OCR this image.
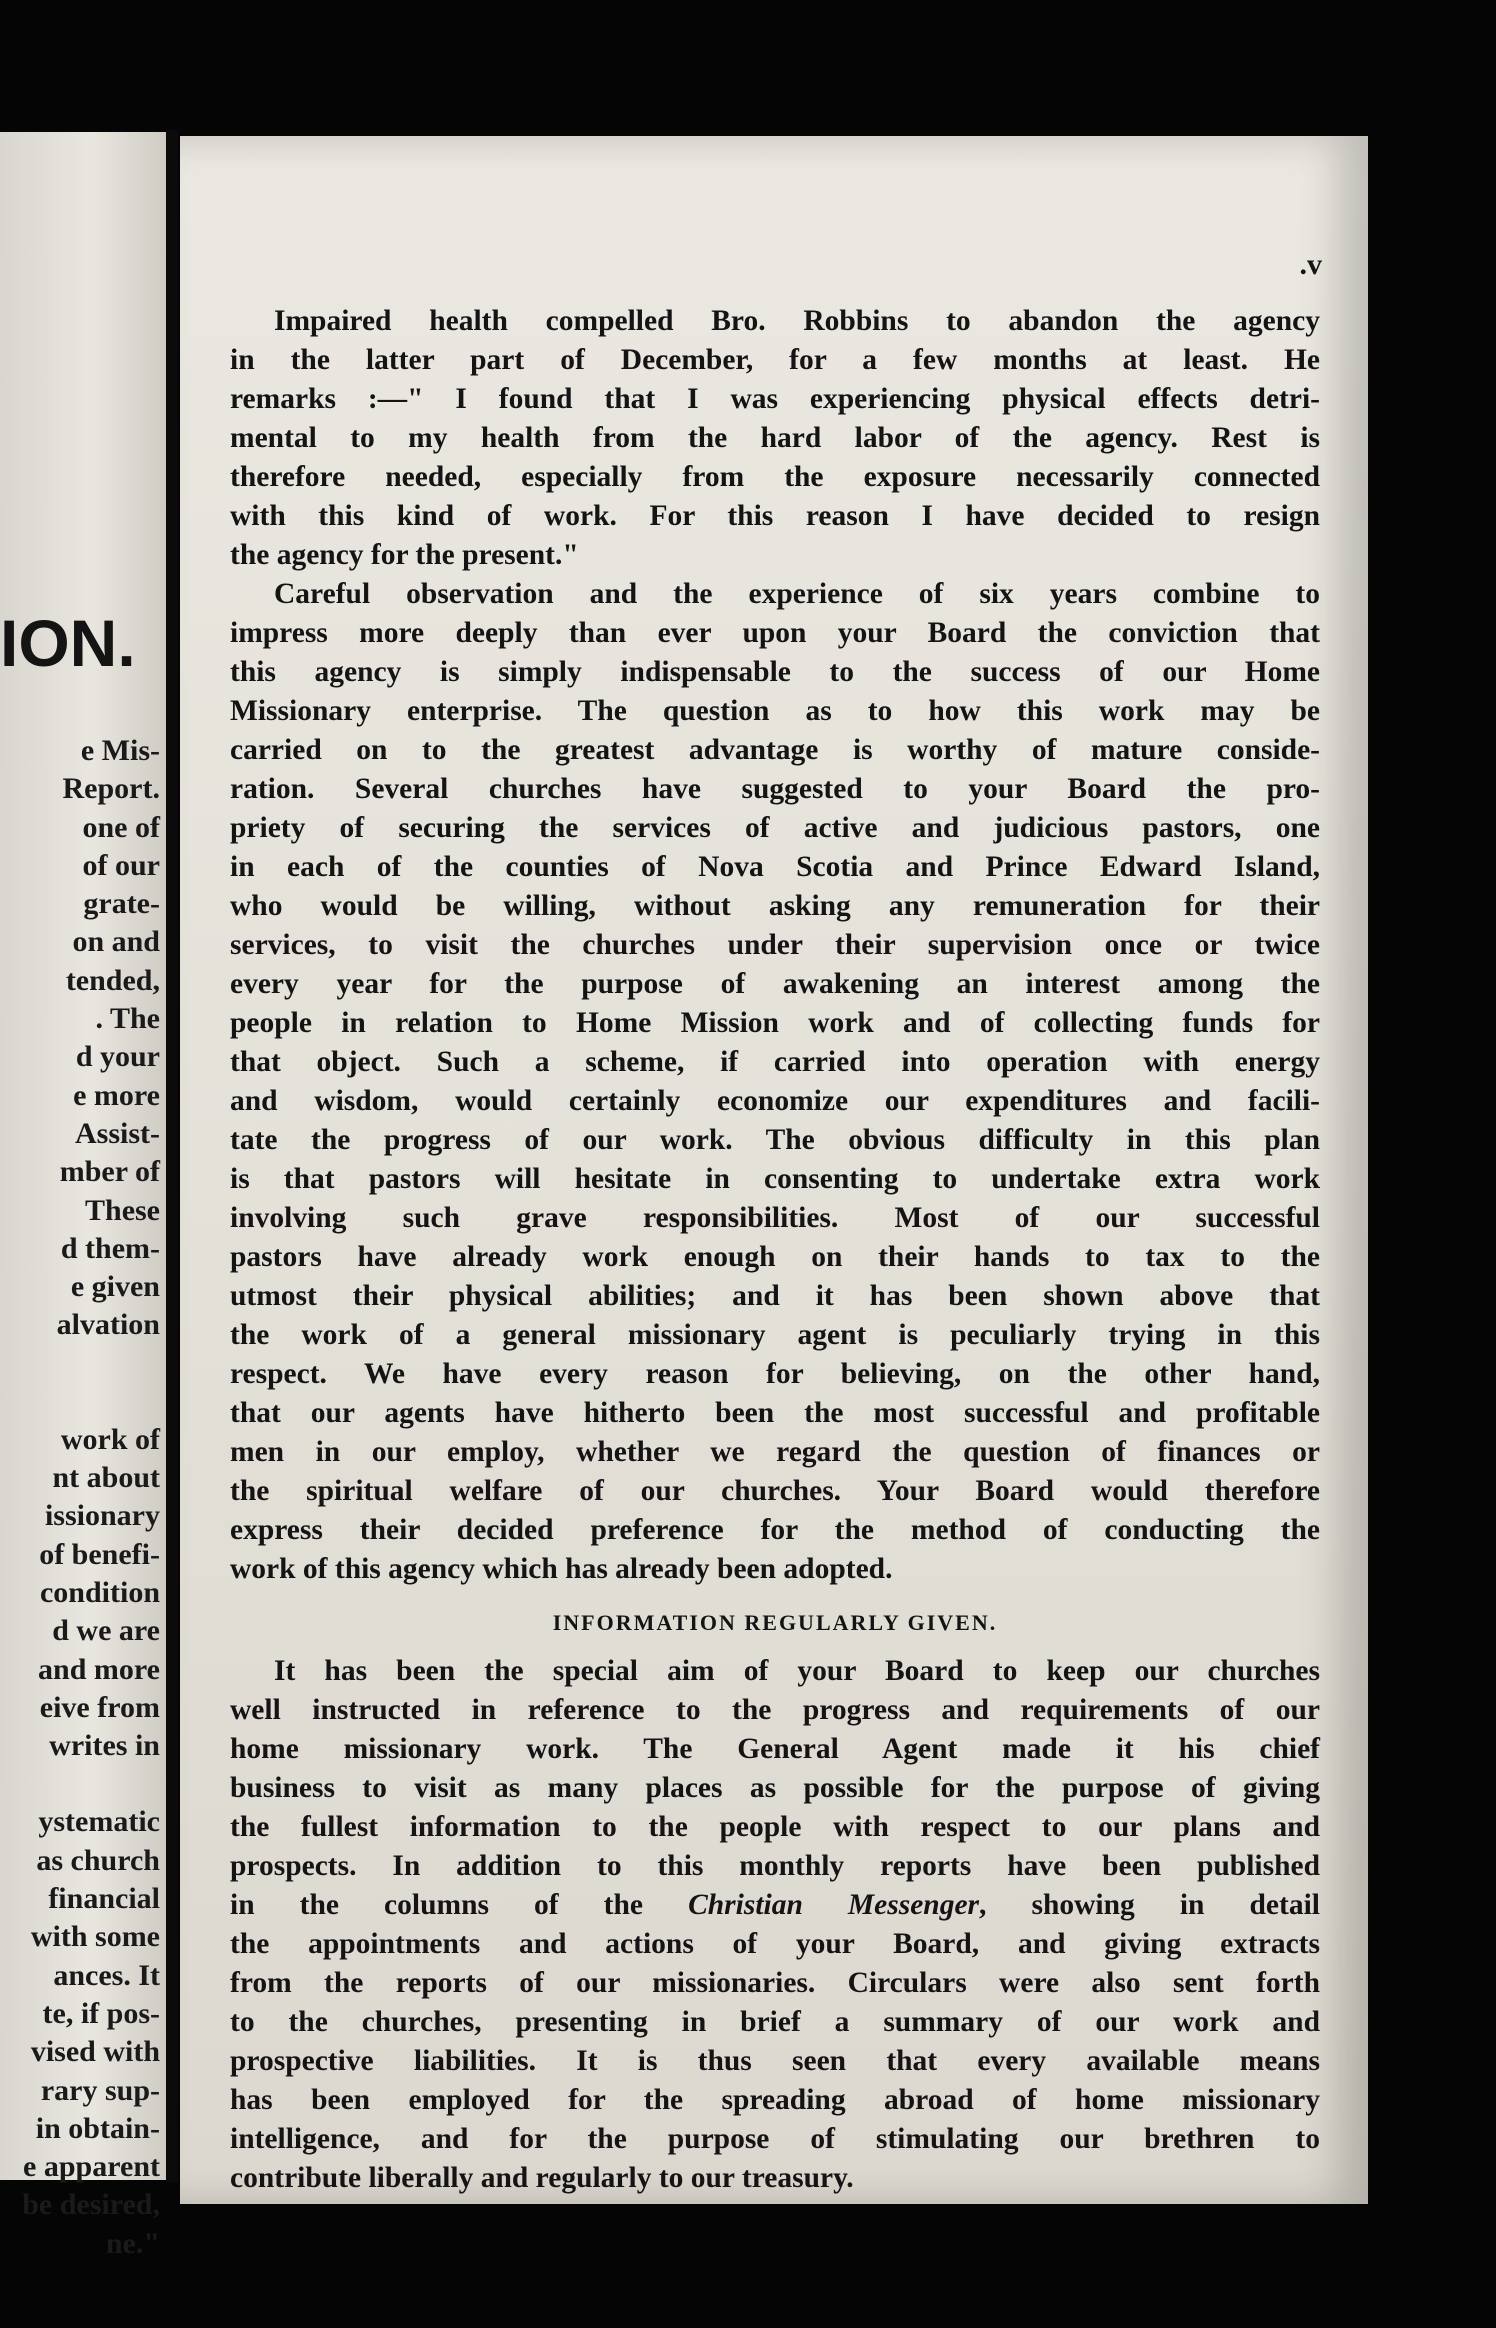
ION.
e Mis-
Report.
one of
of our
grate-
on and
tended,
. The
d your
e more
Assist-
mber of
These
d them-
e given
alvation
work of
nt about
issionary
of benefi-
condition
d we are
and more
eive from
writes in
ystematic
as church
financial
with some
ances. It
te, if pos-
vised with
rary sup-
in obtain-
e apparent
be desired,
ne."
.v
Impaired health compelled Bro. Robbins to abandon the agency
in the latter part of December, for a few months at least. He
remarks :—" I found that I was experiencing physical effects detri-
mental to my health from the hard labor of the agency. Rest is
therefore needed, especially from the exposure necessarily connected
with this kind of work. For this reason I have decided to resign
the agency for the present."
Careful observation and the experience of six years combine to
impress more deeply than ever upon your Board the conviction that
this agency is simply indispensable to the success of our Home
Missionary enterprise. The question as to how this work may be
carried on to the greatest advantage is worthy of mature conside-
ration. Several churches have suggested to your Board the pro-
priety of securing the services of active and judicious pastors, one
in each of the counties of Nova Scotia and Prince Edward Island,
who would be willing, without asking any remuneration for their
services, to visit the churches under their supervision once or twice
every year for the purpose of awakening an interest among the
people in relation to Home Mission work and of collecting funds for
that object. Such a scheme, if carried into operation with energy
and wisdom, would certainly economize our expenditures and facili-
tate the progress of our work. The obvious difficulty in this plan
is that pastors will hesitate in consenting to undertake extra work
involving such grave responsibilities. Most of our successful
pastors have already work enough on their hands to tax to the
utmost their physical abilities; and it has been shown above that
the work of a general missionary agent is peculiarly trying in this
respect. We have every reason for believing, on the other hand,
that our agents have hitherto been the most successful and profitable
men in our employ, whether we regard the question of finances or
the spiritual welfare of our churches. Your Board would therefore
express their decided preference for the method of conducting the
work of this agency which has already been adopted.
INFORMATION REGULARLY GIVEN.
It has been the special aim of your Board to keep our churches
well instructed in reference to the progress and requirements of our
home missionary work. The General Agent made it his chief
business to visit as many places as possible for the purpose of giving
the fullest information to the people with respect to our plans and
prospects. In addition to this monthly reports have been published
in the columns of the Christian Messenger, showing in detail
the appointments and actions of your Board, and giving extracts
from the reports of our missionaries. Circulars were also sent forth
to the churches, presenting in brief a summary of our work and
prospective liabilities. It is thus seen that every available means
has been employed for the spreading abroad of home missionary
intelligence, and for the purpose of stimulating our brethren to
contribute liberally and regularly to our treasury.
